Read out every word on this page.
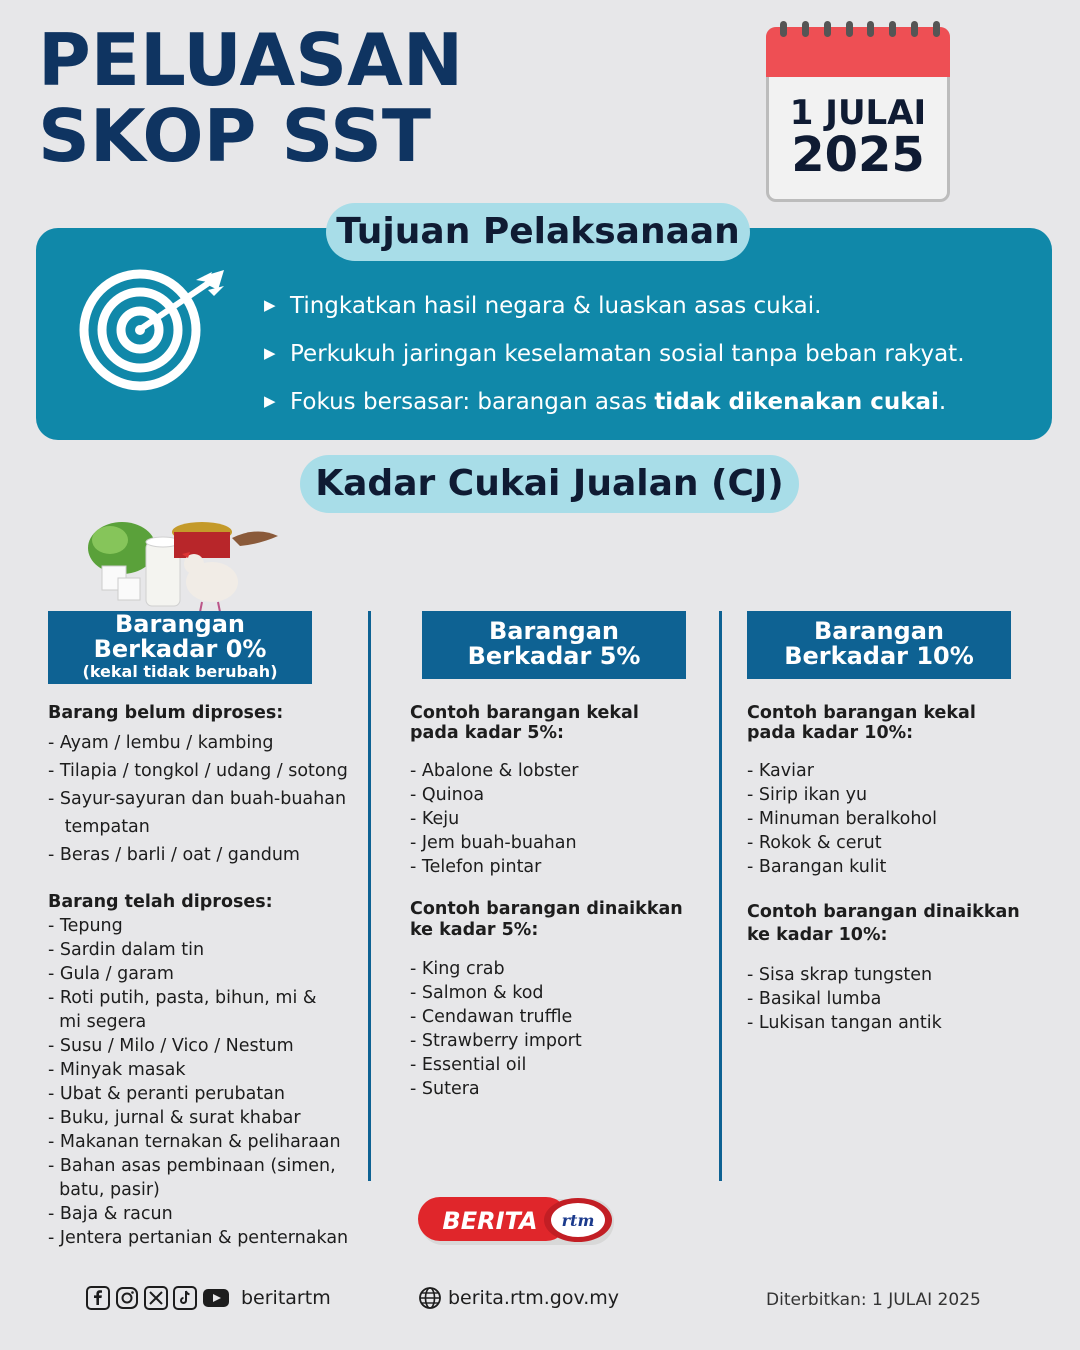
PELUASAN
SKOP SST	1 JULAI
2025
Tujuan Pelaksanaan
▶ Tingkatkan hasil negara & luaskan asas cukai.
▶ Perkukuh jaringan keselamatan sosial tanpa beban rakyat.
▶ Fokus bersasar: barangan asas tidak dikenakan cukai.
Kadar Cukai Jualan (CJ)
Barangan
Berkadar 0%
(kekal tidak berubah)
Barangan
Berkadar 5%
Barangan
Berkadar 10%
Barang belum diproses:
- Ayam / lembu / kambing
- Tilapia / tongkol / udang / sotong
- Sayur-sayuran dan buah-buahan
tempatan
- Beras / barli / oat / gandum
Barang telah diproses:
- Tepung
- Sardin dalam tin
- Gula / garam
- Roti putih, pasta, bihun, mi &
mi segera
- Susu / Milo / Vico / Nestum
- Minyak masak
- Ubat & peranti perubatan
- Buku, jurnal & surat khabar
- Makanan ternakan & peliharaan
- Bahan asas pembinaan (simen,
batu, pasir)
- Baja & racun
- Jentera pertanian & penternakan
Contoh barangan kekal
pada kadar 5%:
- Abalone & lobster
- Quinoa
- Keju
- Jem buah-buahan
- Telefon pintar
Contoh barangan dinaikkan
ke kadar 5%:
- King crab
- Salmon & kod
- Cendawan truffle
- Strawberry import
- Essential oil
- Sutera
Contoh barangan kekal
pada kadar 10%:
- Kaviar
- Sirip ikan yu
- Minuman beralkohol
- Rokok & cerut
- Barangan kulit
Contoh barangan dinaikkan
ke kadar 10%:
- Sisa skrap tungsten
- Basikal lumba
- Lukisan tangan antik
BERITA rtm
beritartm	berita.rtm.gov.my	Diterbitkan: 1 JULAI 2025
